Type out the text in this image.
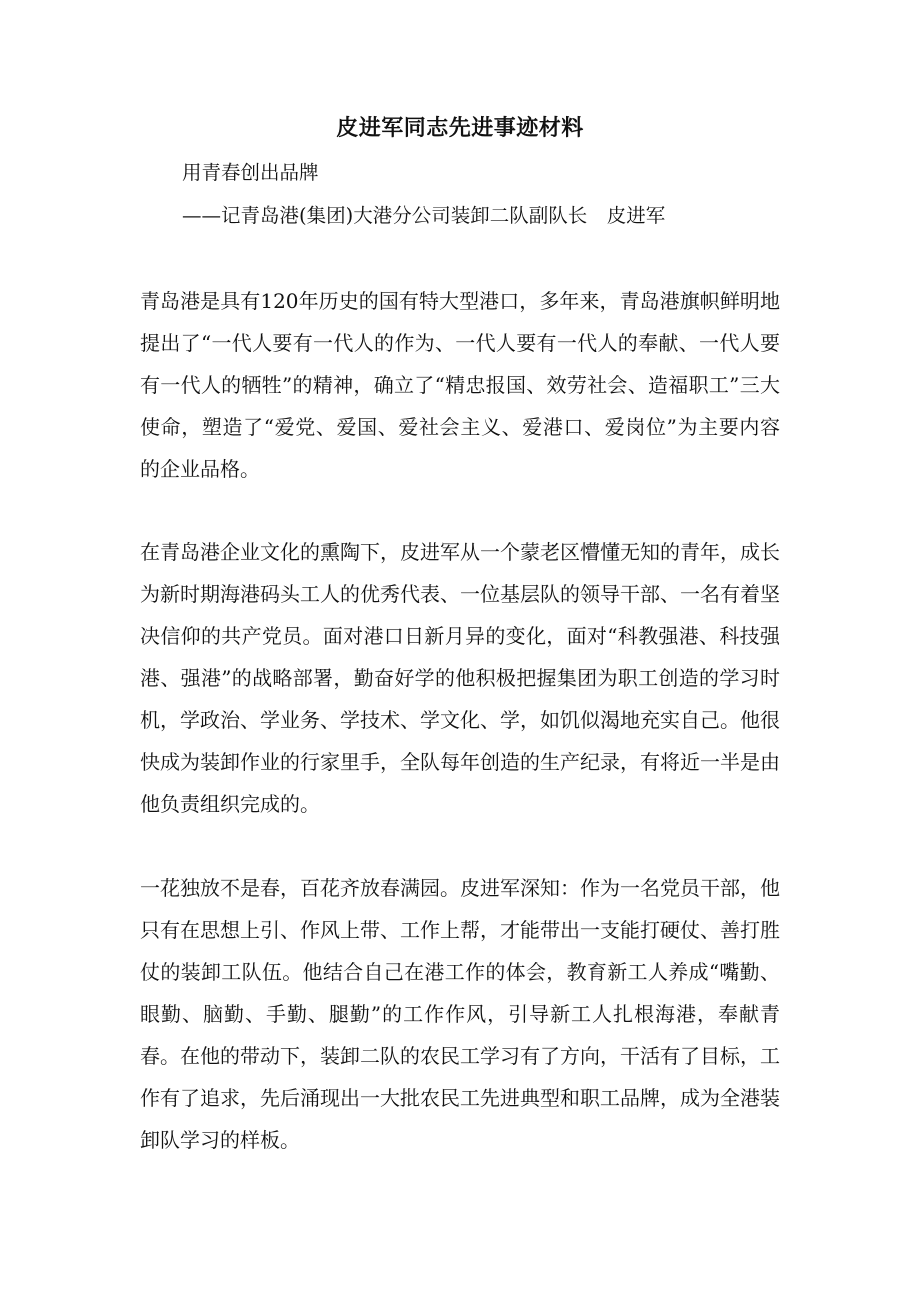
皮进军同志先进事迹材料
用青春创出品牌
——记青岛港(集团)大港分公司装卸二队副队长　皮进军

青岛港是具有120年历史的国有特大型港口，多年来，青岛港旗帜鲜明地提出了“一代人要有一代人的作为、一代人要有一代人的奉献、一代人要有一代人的牺牲”的精神，确立了“精忠报国、效劳社会、造福职工”三大使命，塑造了“爱党、爱国、爱社会主义、爱港口、爱岗位”为主要内容的企业品格。

在青岛港企业文化的熏陶下，皮进军从一个蒙老区懵懂无知的青年，成长为新时期海港码头工人的优秀代表、一位基层队的领导干部、一名有着坚决信仰的共产党员。面对港口日新月异的变化，面对“科教强港、科技强港、强港”的战略部署，勤奋好学的他积极把握集团为职工创造的学习时机，学政治、学业务、学技术、学文化、学，如饥似渴地充实自己。他很快成为装卸作业的行家里手，全队每年创造的生产纪录，有将近一半是由他负责组织完成的。

一花独放不是春，百花齐放春满园。皮进军深知：作为一名党员干部，他只有在思想上引、作风上带、工作上帮，才能带出一支能打硬仗、善打胜仗的装卸工队伍。他结合自己在港工作的体会，教育新工人养成“嘴勤、眼勤、脑勤、手勤、腿勤”的工作作风，引导新工人扎根海港，奉献青春。在他的带动下，装卸二队的农民工学习有了方向，干活有了目标，工作有了追求，先后涌现出一大批农民工先进典型和职工品牌，成为全港装卸队学习的样板。
